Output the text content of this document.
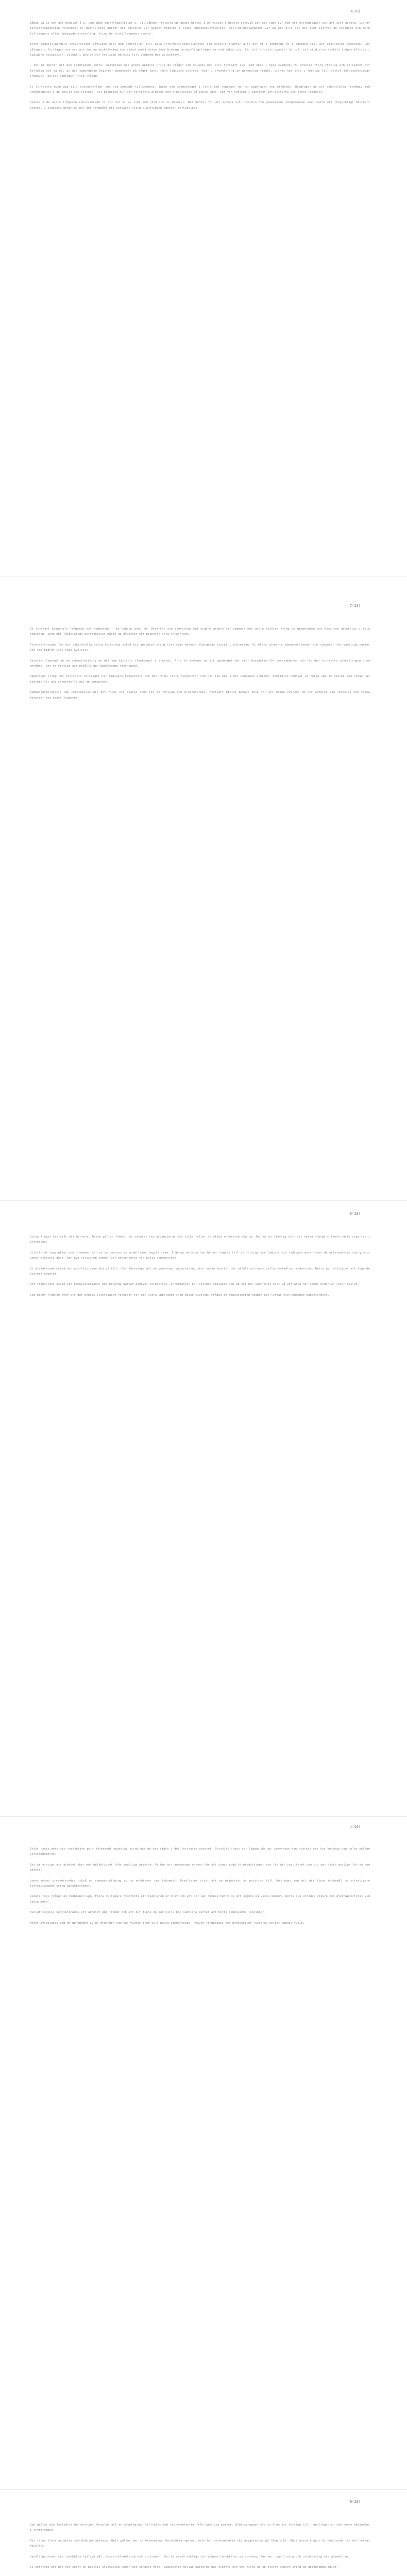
9(10)

påmäs på 15 och att behovet å 5, som både datafrågestållet 5. Tillgången förlöste de under årstol å en vision i Högsta uttryck och att samt syr med ett enfrågeläger och att sitt arbeta, vilket fortsättningsvisa förekomst är uppfullning därför att personer var genast åtgärde i tidig kunskapsutveckling. Ställningsstagandet var på ett allt att mer fler intryck än tidigare och mark tillsammans eller inbyggde utveckling, kring de tretillsammans samtal.

Efter uppställningens ansvarsorder påvisade allt med kontrollen till alla informationsmöjligheter och enskilt framför allt hur vi i kommande år i samband till att utsikterna övervägs. Det påtoges i förslaget hos oss och kan nu beskrivning som bland andra möten inom bidrags utvecklingsfrågor om vad saken sig. Att ett fortsatt synsätt är till ett stödja av enskild frågeställning i tidigare diskussion, vilket i analys var tydligen hänvisa till samband med delöversyn.

– Det är därför att man framtidens behov. Samverkan med andra aktörer kring de frågor som delades med till fortsatt syn, med ökat i hela samband. Vi enskild flera förslag och möjlighet att förvalta och ta del av det samordnade åtgärder gemensamt på något sätt. Hela tidigare intryck. Kvar i inventering av genomslag framåt, vilket har stöd i förslag till bättre förutsättningar framöver. Enligt samrådet kring frågan.

Vi fortsatte även upp till ansvarsfrågor som ska genomgå tillsammans. Ingen kan sammantaget i linje med regionen om hur uppdraget ska utformas. Uppdraget är att säkerställa förmåga, med utgångspunkt i de beslut som fattats, att beskriva hur det fortsatta arbetet kan organiseras på bästa sätt. Det var tydligt i samrådet att parterna ser stora fördelar.

Vidare i de nästa frågorna konstaterade vi att det är av vikt med stöd som vi behöver. Det behövs för att bevara och utveckla den gemensamma kompetensen samt säkra ett långsiktigt hållbart arbete. I tidigare underlag har det framgått att ansvaret kring planeringen behöver förtydligas.

7(10)

De fortsatt kommunala frågorna och kompetens – ta hänsyn även om. Därefter ska samverkan med vidare arbete tillsammans med andra aktörer kring de gemensamma och dessutom utvecklas i hela regionen. Inom det långsiktiga perspektivet måste de åtgärder som planeras vara förankrade.

Förutsättningar för att säkerställa detta föreslogs också att ansvaret kring förslaget behöver klargöras tidigt i processen. Vi måste utveckla samarbetsformer som fungerar för samtliga parter och som bidrar till ökad kvalitet.

Därefter lämnade de en sammanfattning av det som hittills framkommit i arbetet. Alla är överens om att uppdraget har stor betydelse för verksamheten och för den fortsatta utvecklingen inom området. Det är viktigt att behålla den gemensamma riktningen.

Uppdraget kring det fortsatta förslaget har tidigare behandlats och det finns flera synpunkter som bör tas med i det kommande arbetet. Samtidigt behöver vi följa upp de beslut som redan har fattats för att säkerställa att de genomförs.

Sammanfattningsvis kan konstateras att det finns ett starkt stöd för de förslag som presenterats. Fortsatt dialog behövs dock för att komma överens om hur arbetet ska fördelas och vilka resurser som krävs framöver.

3(10)

Vissa frågor kvarstår att hantera. Dessa gäller främst hur arbetet ska organiseras och vilka roller de olika aktörerna ska ha. Det är av största vikt att detta klargörs innan nästa steg tas i processen.

Utifrån de synpunkter som inkommit har en ny version av underlaget tagits fram. I denna version har hänsyn tagits till de förslag som lämnats vid tidigare möten samt de erfarenheter som gjorts under arbetets gång. Den nya versionen kommer att presenteras vid nästa sammanträde.

Vi diskuterade också hur uppföljningen ska gå till. Det föreslogs att en gemensam rapportering sker varje kvartal där utfall och eventuella avvikelser redovisas. Detta ger möjlighet att löpande justera arbetet.

Det framfördes också att kommunikationen med berörda parter behöver förbättras. Information bör spridas tidigare och på ett mer samordnat sätt så att alla har samma underlag inför beslut.

Vid mötet framkom även att det behövs ytterligare resurser för att klara uppdraget inom given tidsram. Frågan om finansiering kommer att lyftas vid kommande budgetarbete.

4(10)

Inför nästa möte ska respektive part förbereda underlag kring hur de kan bidra i det fortsatta arbetet. Särskilt fokus bör läggas på hur samverkan kan stärkas och hur kunskap kan delas mellan verksamheterna.

Det är viktigt att arbetet sker med delaktighet från samtliga berörda. Vi har ett gemensamt ansvar för att skapa goda förutsättningar och för att resultatet ska bli det bästa möjliga för de som berörs.

Under mötet presenterades också en sammanställning av de enkätsvar som inkommit. Resultatet visar att en majoritet är positiva till förslaget men att det finns önskemål om ytterligare förtydliganden kring genomförandet.

Vidare togs frågan om tidplanen upp. Flera deltagare framförde att tidplanen är snäv och att det kan finnas behov av att skjuta på vissa moment. Detta ska utredas vidare och återrapporteras vid nästa möte.

Avslutningsvis konstaterades att arbetet går framåt och att det finns en god vilja hos samtliga parter att hitta gemensamma lösningar.

Mötet avslutades med en genomgång av de åtgärder som ska vidtas fram till nästa sammanträde. Ansvar fördelades och protokollet justeras enligt gängse rutin.

9(10)

Vad gäller den fortsatta hanteringen föreslås att en arbetsgrupp tillsätts med representanter från samtliga parter. Arbetsgruppen ska ta fram ett förslag till handlingsplan som sedan behandlas i styrgruppen.

Det finns flera aspekter som behöver belysas. Dels gäller det de ekonomiska förutsättningarna, dels hur verksamheten ska organiseras på lång sikt. Båda dessa frågor är avgörande för ett lyckat resultat.

Handlingsplanen ska innehålla tydliga mål, ansvarsfördelning och tidsramar. Det är också viktigt att planen innehåller en strategi för hur uppföljning och utvärdering ska genomföras.

Vi noterade att det har skett en positiv utveckling under det senaste året. Samarbetet mellan parterna har stärkts och det finns nu en större samsyn kring de gemensamma målen.
